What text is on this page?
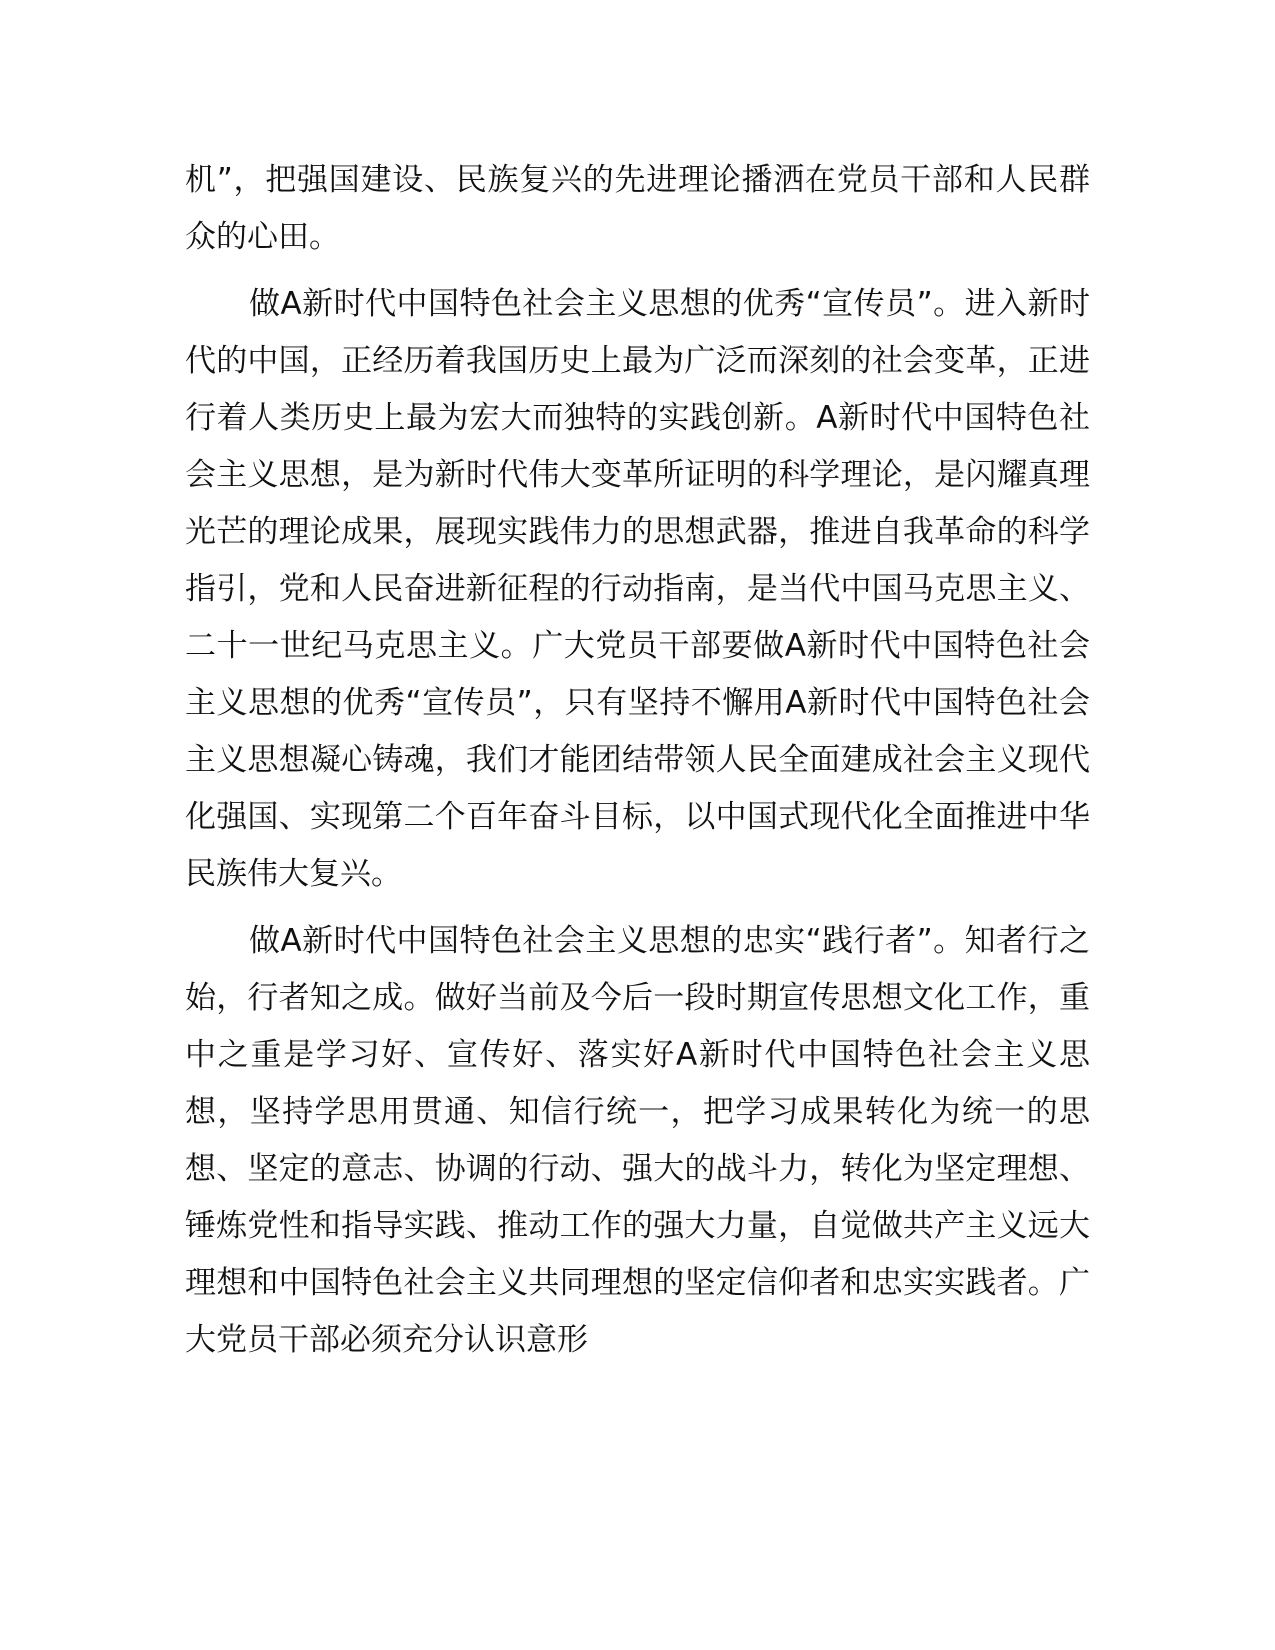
机”，把强国建设、民族复兴的先进理论播洒在党员干部和人民群众的心田。

做A新时代中国特色社会主义思想的优秀“宣传员”。进入新时代的中国，正经历着我国历史上最为广泛而深刻的社会变革，正进行着人类历史上最为宏大而独特的实践创新。A新时代中国特色社会主义思想，是为新时代伟大变革所证明的科学理论，是闪耀真理光芒的理论成果，展现实践伟力的思想武器，推进自我革命的科学指引，党和人民奋进新征程的行动指南，是当代中国马克思主义、二十一世纪马克思主义。广大党员干部要做A新时代中国特色社会主义思想的优秀“宣传员”，只有坚持不懈用A新时代中国特色社会主义思想凝心铸魂，我们才能团结带领人民全面建成社会主义现代化强国、实现第二个百年奋斗目标，以中国式现代化全面推进中华民族伟大复兴。

做A新时代中国特色社会主义思想的忠实“践行者”。知者行之始，行者知之成。做好当前及今后一段时期宣传思想文化工作，重中之重是学习好、宣传好、落实好A新时代中国特色社会主义思想，坚持学思用贯通、知信行统一，把学习成果转化为统一的思想、坚定的意志、协调的行动、强大的战斗力，转化为坚定理想、锤炼党性和指导实践、推动工作的强大力量，自觉做共产主义远大理想和中国特色社会主义共同理想的坚定信仰者和忠实实践者。广大党员干部必须充分认识意形
